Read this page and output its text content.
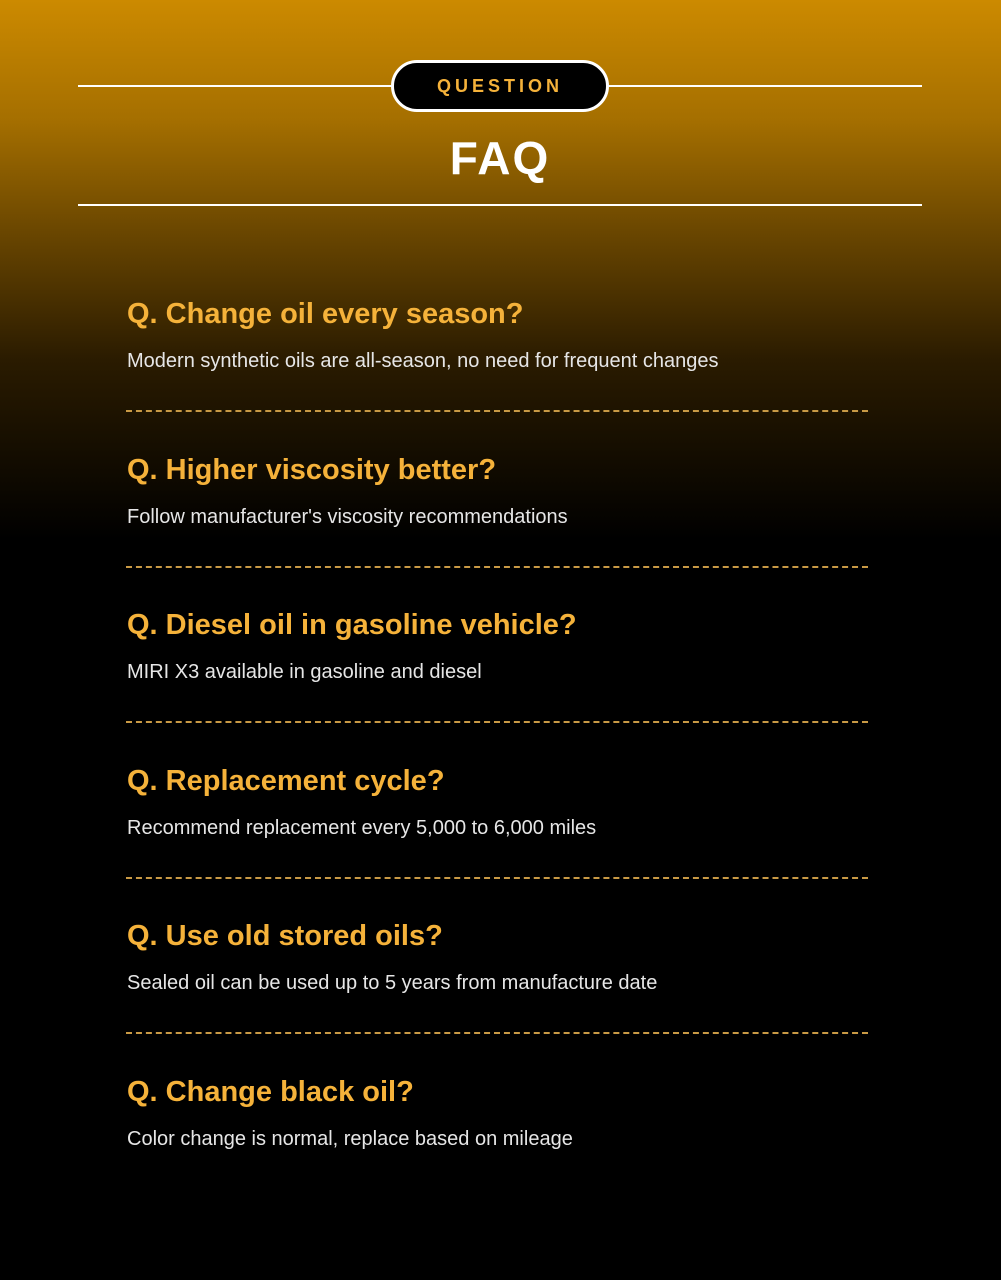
QUESTION
FAQ
Q. Change oil every season?
Modern synthetic oils are all-season, no need for frequent changes
Q. Higher viscosity better?
Follow manufacturer's viscosity recommendations
Q. Diesel oil in gasoline vehicle?
MIRI X3 available in gasoline and diesel
Q. Replacement cycle?
Recommend replacement every 5,000 to 6,000 miles
Q. Use old stored oils?
Sealed oil can be used up to 5 years from manufacture date
Q. Change black oil?
Color change is normal, replace based on mileage
